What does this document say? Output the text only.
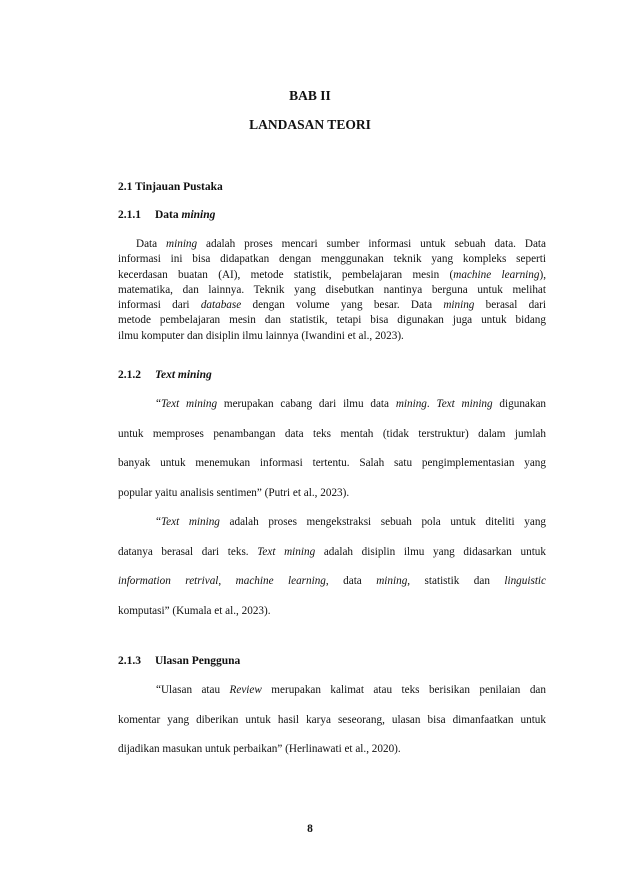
BAB II
LANDASAN TEORI
2.1 Tinjauan Pustaka
2.1.1 Data mining
Data mining adalah proses mencari sumber informasi untuk sebuah data. Data
informasi ini bisa didapatkan dengan menggunakan teknik yang kompleks seperti
kecerdasan buatan (AI), metode statistik, pembelajaran mesin (machine learning),
matematika, dan lainnya. Teknik yang disebutkan nantinya berguna untuk melihat
informasi dari database dengan volume yang besar. Data mining berasal dari
metode pembelajaran mesin dan statistik, tetapi bisa digunakan juga untuk bidang
ilmu komputer dan disiplin ilmu lainnya (Iwandini et al., 2023).
2.1.2 Text mining
“Text mining merupakan cabang dari ilmu data mining. Text mining digunakan
untuk memproses penambangan data teks mentah (tidak terstruktur) dalam jumlah
banyak untuk menemukan informasi tertentu. Salah satu pengimplementasian yang
popular yaitu analisis sentimen” (Putri et al., 2023).
“Text mining adalah proses mengekstraksi sebuah pola untuk diteliti yang
datanya berasal dari teks. Text mining adalah disiplin ilmu yang didasarkan untuk
information retrival, machine learning, data mining, statistik dan linguistic
komputasi” (Kumala et al., 2023).
2.1.3 Ulasan Pengguna
“Ulasan atau Review merupakan kalimat atau teks berisikan penilaian dan
komentar yang diberikan untuk hasil karya seseorang, ulasan bisa dimanfaatkan untuk
dijadikan masukan untuk perbaikan” (Herlinawati et al., 2020).
8
